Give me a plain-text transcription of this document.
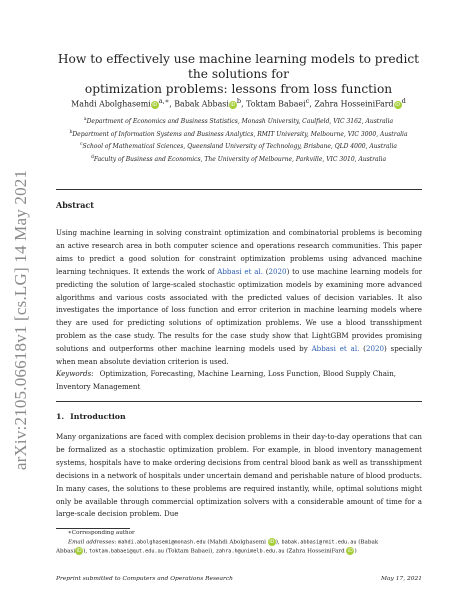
arXiv:2105.06618v1 [cs.LG] 14 May 2021
How to effectively use machine learning models to predict the solutions for
optimization problems: lessons from loss function
Mahdi Abolghasemi iD $^{a,∗}$, Babak Abbasi iD $^b$, Toktam Babaei$^c$, Zahra HosseiniFard iD $^d$
$^a$Department of Economics and Business Statistics, Monash University, Caulfield, VIC 3162, Australia
$^b$Department of Information Systems and Business Analytics, RMIT University, Melbourne, VIC 3000, Australia
$^c$School of Mathematical Sciences, Queensland University of Technology, Brisbane, QLD 4000, Australia
$^d$Faculty of Business and Economics, The University of Melbourne, Parkville, VIC 3010, Australia
Abstract

Using machine learning in solving constraint optimization and combinatorial problems is becoming an active research area in both computer science and operations research communities. This paper aims to predict a good solution for constraint optimization problems using advanced machine learning techniques. It extends the work of Abbasi et al. (2020) to use machine learning models for predicting the solution of large-scaled stochastic optimization models by examining more advanced algorithms and various costs associated with the predicted values of decision variables. It also investigates the importance of loss function and error criterion in machine learning models where they are used for predicting solutions of optimization problems. We use a blood transshipment problem as the case study. The results for the case study show that LightGBM provides promising solutions and outperforms other machine learning models used by Abbasi et al. (2020) specially when mean absolute deviation criterion is used.

Keywords: Optimization, Forecasting, Machine Learning, Loss Function, Blood Supply Chain, Inventory Management
1. Introduction

Many organizations are faced with complex decision problems in their day-to-day operations that can be formalized as a stochastic optimization problem. For example, in blood inventory management systems, hospitals have to make ordering decisions from central blood bank as well as transshipment decisions in a network of hospitals under uncertain demand and perishable nature of blood products. In many cases, the solutions to these problems are required instantly, while, optimal solutions might only be available through commercial optimization solvers with a considerable amount of time for a large-scale decision problem. Due

∗Corresponding author

Email addresses: mahdi.abolghasemi@monash.edu (Mahdi Abolghasemi iD ), babak.abbasi@rmit.edu.au (Babak

Abbasi iD ), toktam.babaei@qut.edu.au (Toktam Babaei), zahra.h@unimelb.edu.au (Zahra HosseiniFard iD )

Preprint submitted to Computers and Operations Research	May 17, 2021
